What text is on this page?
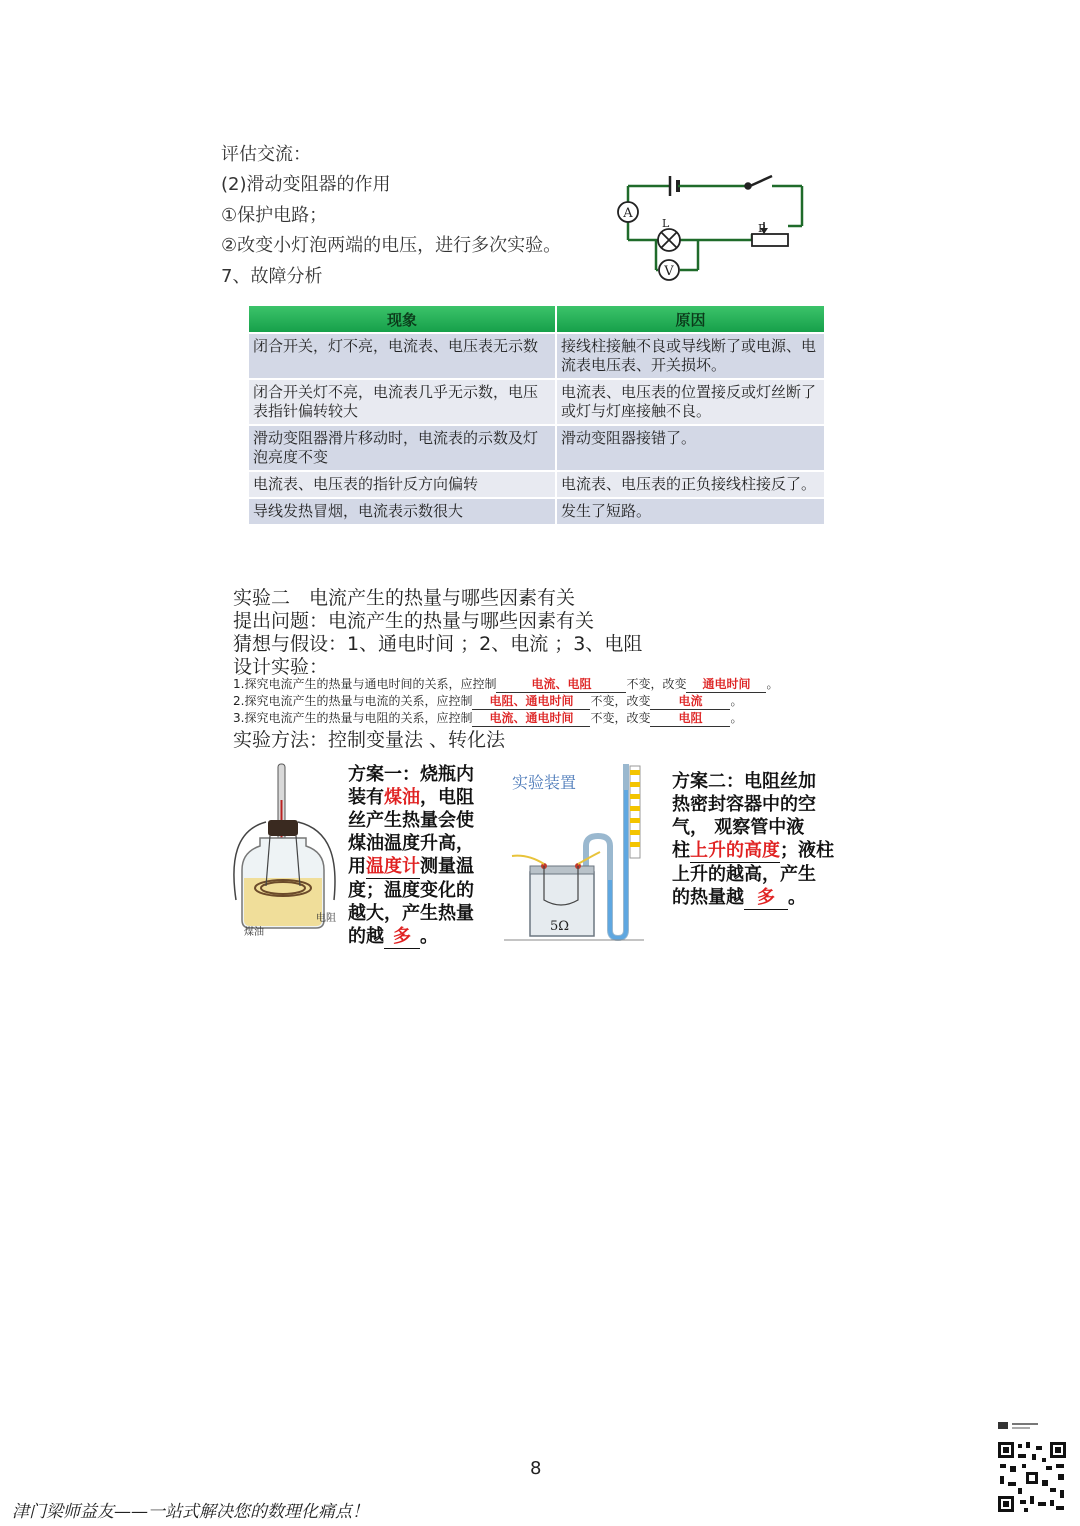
评估交流：
(2)滑动变阻器的作用
①保护电路；
②改变小灯泡两端的电压，进行多次实验。
7、故障分析
A
L
V
P
现象	原因
闭合开关，灯不亮，电流表、电压表无示数	接线柱接触不良或导线断了或电源、电流表电压表、开关损坏。
闭合开关灯不亮，电流表几乎无示数，电压表指针偏转较大	电流表、电压表的位置接反或灯丝断了或灯与灯座接触不良。
滑动变阻器滑片移动时，电流表的示数及灯泡亮度不变	滑动变阻器接错了。
电流表、电压表的指针反方向偏转	电流表、电压表的正负接线柱接反了。
导线发热冒烟，电流表示数很大	发生了短路。
实验二　电流产生的热量与哪些因素有关
提出问题：电流产生的热量与哪些因素有关
猜想与假设：1、通电时间 ；2、电流 ；3、电阻
设计实验：
1.探究电流产生的热量与通电时间的关系，应控制	电流、电阻	不变，改变 通电时间 。
2.探究电流产生的热量与电流的关系，应控制 电阻、通电时间 不变，改变 电流 。
3.探究电流产生的热量与电阻的关系，应控制 电流、通电时间 不变，改变 电阻 。
实验方法：控制变量法 、转化法
煤油
电阻
方案一：烧瓶内
装有煤油，电阻
丝产生热量会使
煤油温度升高，
用温度计测量温
度；温度变化的
越大，产生热量
的越 多 。
实验装置
5Ω
方案二：电阻丝加
热密封容器中的空
气， 观察管中液
柱上升的高度；液柱
上升的越高，产生
的热量越 多 。
8
津门梁师益友——一站式解决您的数理化痛点！
